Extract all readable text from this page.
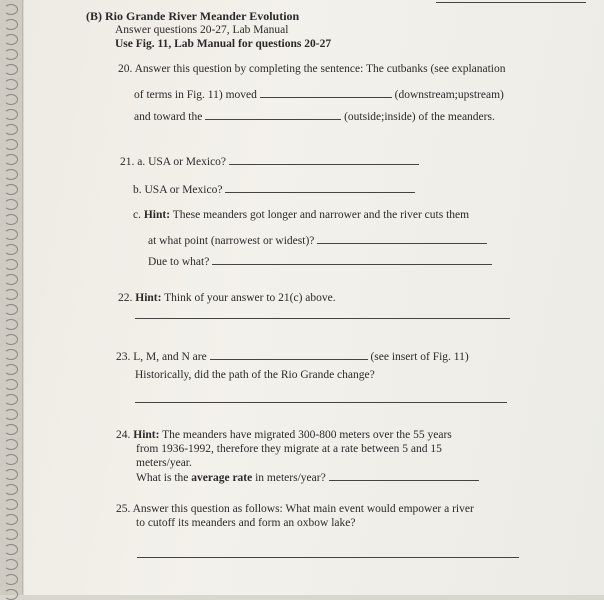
(B) Rio Grande River Meander Evolution
Answer questions 20-27, Lab Manual
Use Fig. 11, Lab Manual for questions 20-27
20. Answer this question by completing the sentence: The cutbanks (see explanation
of terms in Fig. 11) moved	(downstream;upstream)
and toward the	(outside;inside) of the meanders.
21. a. USA or Mexico?
b. USA or Mexico?
c. Hint: These meanders got longer and narrower and the river cuts them
at what point (narrowest or widest)?
Due to what?
22. Hint: Think of your answer to 21(c) above.
23. L, M, and N are	(see insert of Fig. 11)
Historically, did the path of the Rio Grande change?
24. Hint: The meanders have migrated 300-800 meters over the 55 years
from 1936-1992, therefore they migrate at a rate between 5 and 15
meters/year.
What is the average rate in meters/year?
25. Answer this question as follows: What main event would empower a river
to cutoff its meanders and form an oxbow lake?
